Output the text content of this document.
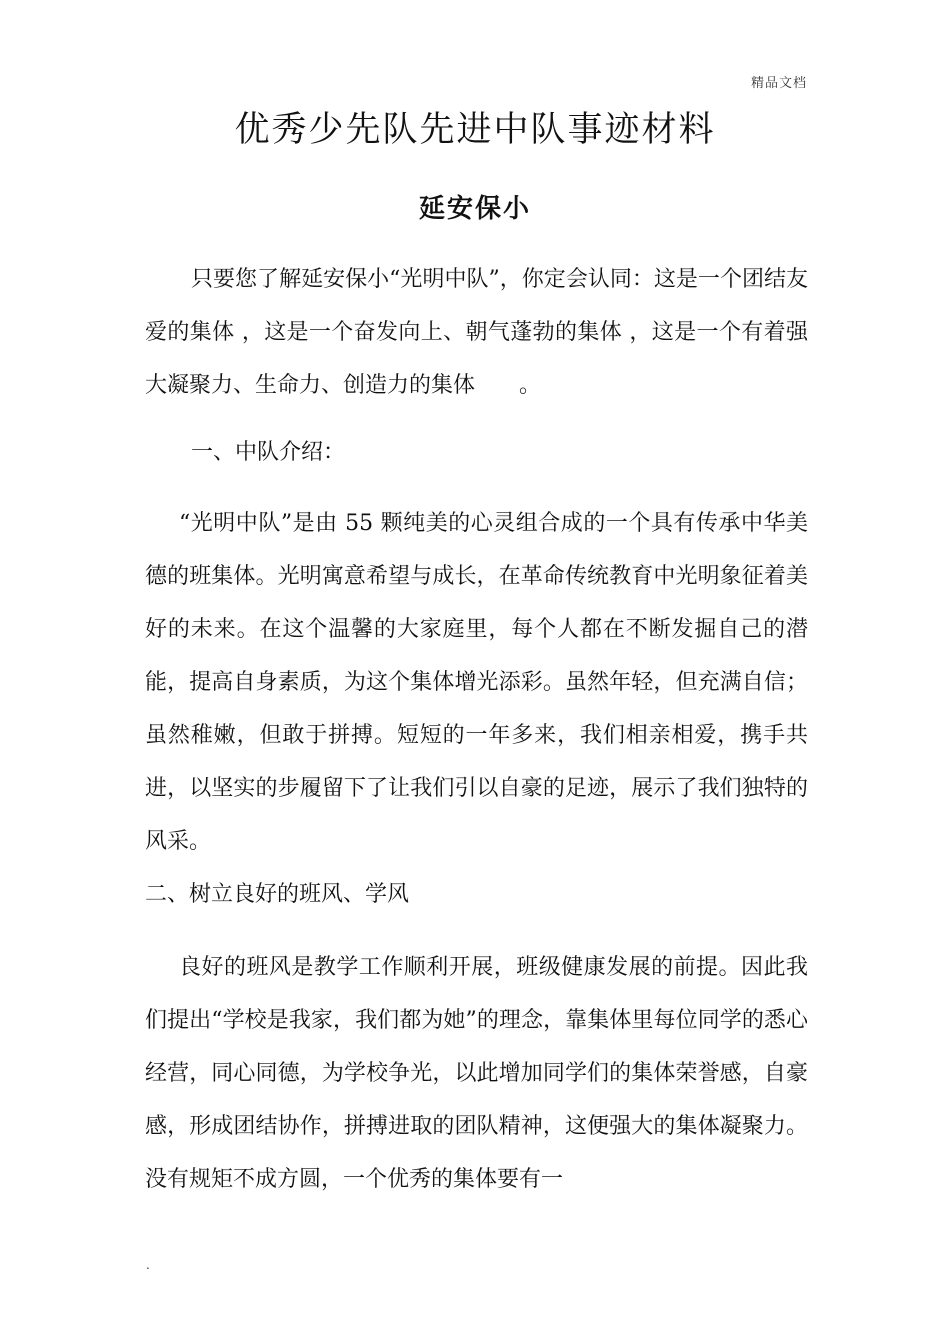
精品文档
优秀少先队先进中队事迹材料
延安保小

只要您了解延安保小“光明中队”，你定会认同：这是一个团结友爱的集体 ，这是一个奋发向上、朝气蓬勃的集体 ，这是一个有着强大凝聚力、生命力、创造力的集体　　。

一、中队介绍：

“光明中队”是由 55 颗纯美的心灵组合成的一个具有传承中华美德的班集体。光明寓意希望与成长，在革命传统教育中光明象征着美好的未来。在这个温馨的大家庭里，每个人都在不断发掘自己的潜能，提高自身素质，为这个集体增光添彩。虽然年轻，但充满自信；虽然稚嫩，但敢于拼搏。短短的一年多来，我们相亲相爱，携手共进，以坚实的步履留下了让我们引以自豪的足迹，展示了我们独特的风采。

二、树立良好的班风、学风

良好的班风是教学工作顺利开展，班级健康发展的前提。因此我们提出“学校是我家，我们都为她”的理念，靠集体里每位同学的悉心经营，同心同德，为学校争光，以此增加同学们的集体荣誉感，自豪感，形成团结协作，拼搏进取的团队精神，这便强大的集体凝聚力。没有规矩不成方圆，一个优秀的集体要有一

.
